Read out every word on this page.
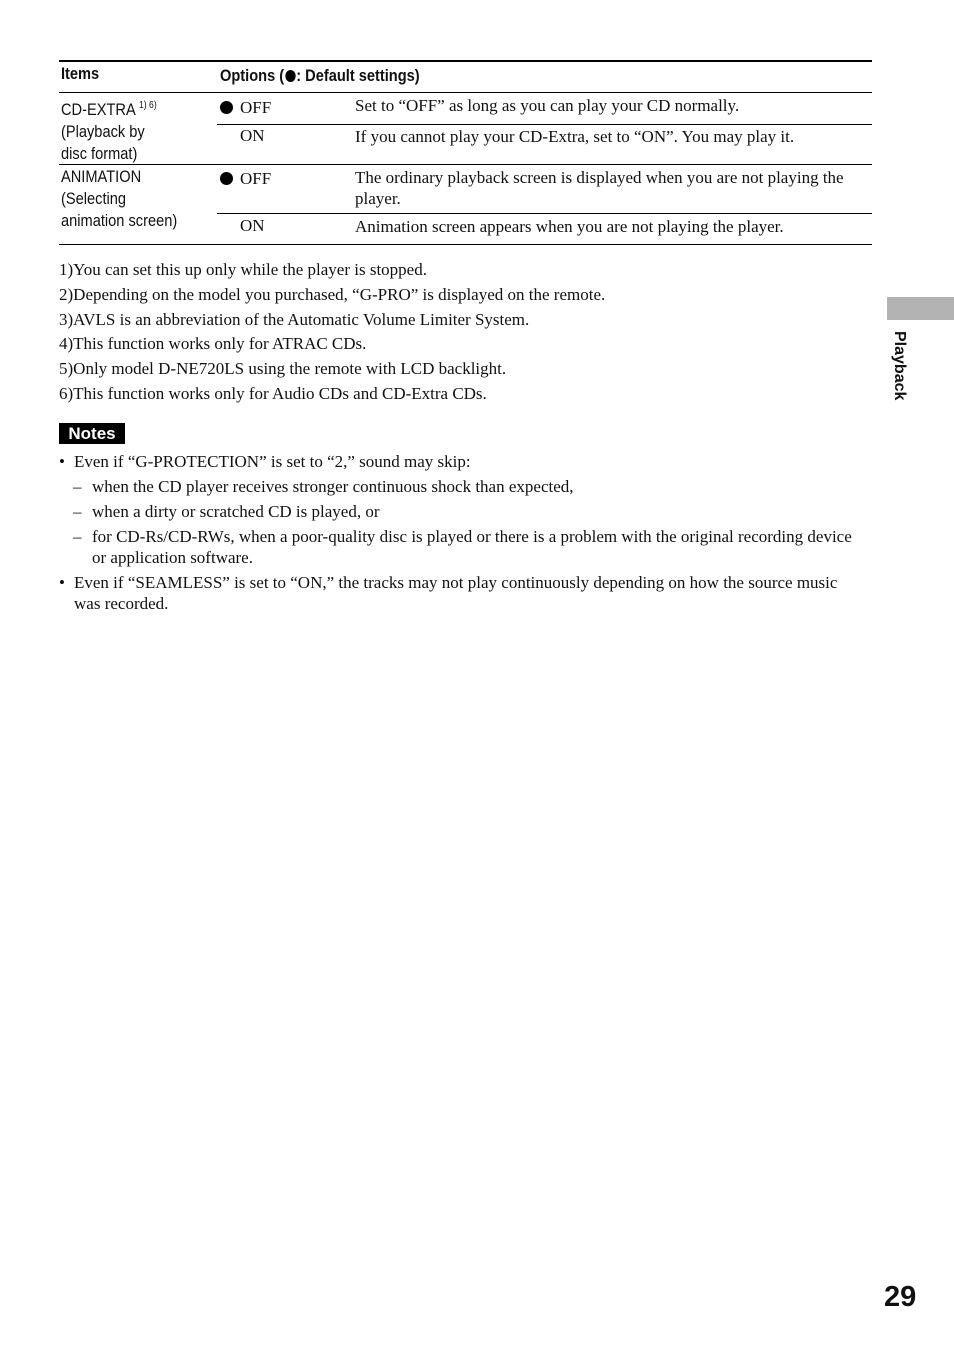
Items	Options ( : Default settings)
CD-EXTRA $^{1) 6)}$
(Playback by
disc format)
OFF	Set to “OFF” as long as you can play your CD normally.
ON	If you cannot play your CD-Extra, set to “ON”. You may play it.
ANIMATION
(Selecting
animation screen)
OFF	The ordinary playback screen is displayed when you are not playing the player.
ON	Animation screen appears when you are not playing the player.
1)You can set this up only while the player is stopped.
2)Depending on the model you purchased, “G-PRO” is displayed on the remote.
3)AVLS is an abbreviation of the Automatic Volume Limiter System.
4)This function works only for ATRAC CDs.
5)Only model D-NE720LS using the remote with LCD backlight.
6)This function works only for Audio CDs and CD-Extra CDs.
Notes
• Even if “G-PROTECTION” is set to “2,” sound may skip:
– when the CD player receives stronger continuous shock than expected,
– when a dirty or scratched CD is played, or
– for CD-Rs/CD-RWs, when a poor-quality disc is played or there is a problem with the original recording device or application software.
• Even if “SEAMLESS” is set to “ON,” the tracks may not play continuously depending on how the source music was recorded.
Playback
29
